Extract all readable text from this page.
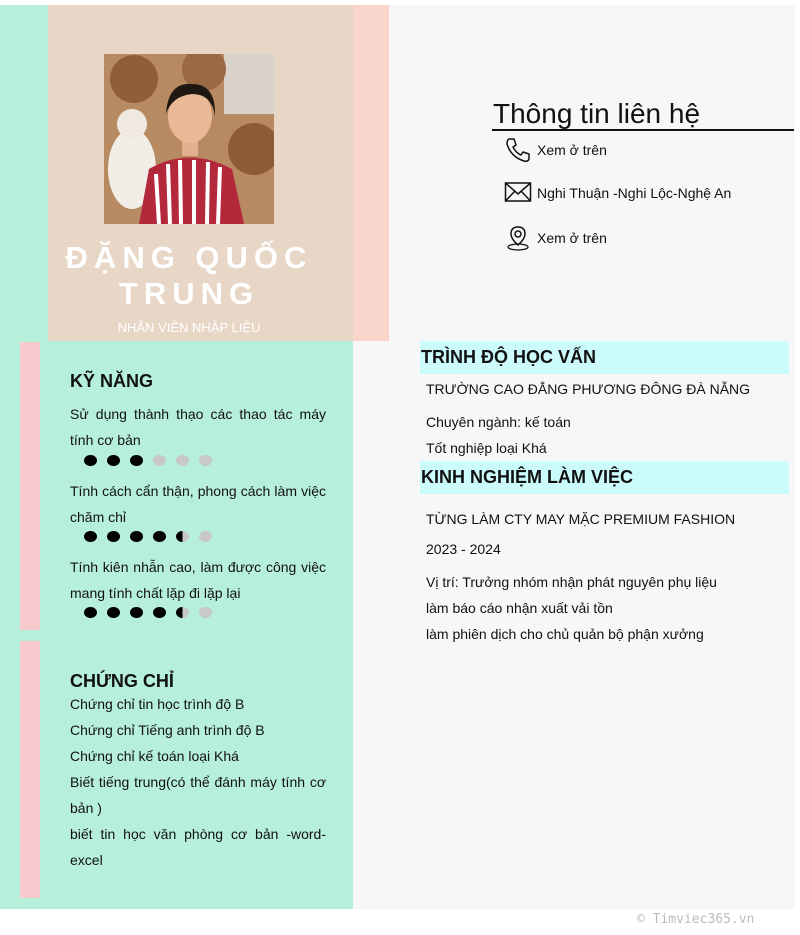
ĐẶNG QUỐC TRUNG
NHÂN VIÊN NHẬP LIỆU
Thông tin liên hệ
Xem ở trên
Nghi Thuận -Nghi Lộc-Nghệ An
Xem ở trên
TRÌNH ĐỘ HỌC VẤN
TRƯỜNG CAO ĐẲNG PHƯƠNG ĐÔNG ĐÀ NẴNG
Chuyên ngành: kế toán
Tốt nghiệp loại Khá
KINH NGHIỆM LÀM VIỆC
TỪNG LÀM CTY MAY MẶC PREMIUM FASHION
2023 - 2024
Vị trí: Trưởng nhóm nhận phát nguyên phụ liệu
làm báo cáo nhận xuất vải tồn
làm phiên dịch cho chủ quản bộ phận xưởng
KỸ NĂNG
Sử dụng thành thạo các thao tác máy tính cơ bản
Tính cách cẩn thận, phong cách làm việc chăm chỉ
Tính kiên nhẫn cao, làm được công việc mang tính chất lặp đi lặp lại
CHỨNG CHỈ
Chứng chỉ tin học trình độ B
Chứng chỉ Tiếng anh trình độ B
Chứng chỉ kế toán loại Khá
Biết tiếng trung(có thể đánh máy tính cơ bản )
biết tin học văn phòng cơ bản -word-excel
© Timviec365.vn
